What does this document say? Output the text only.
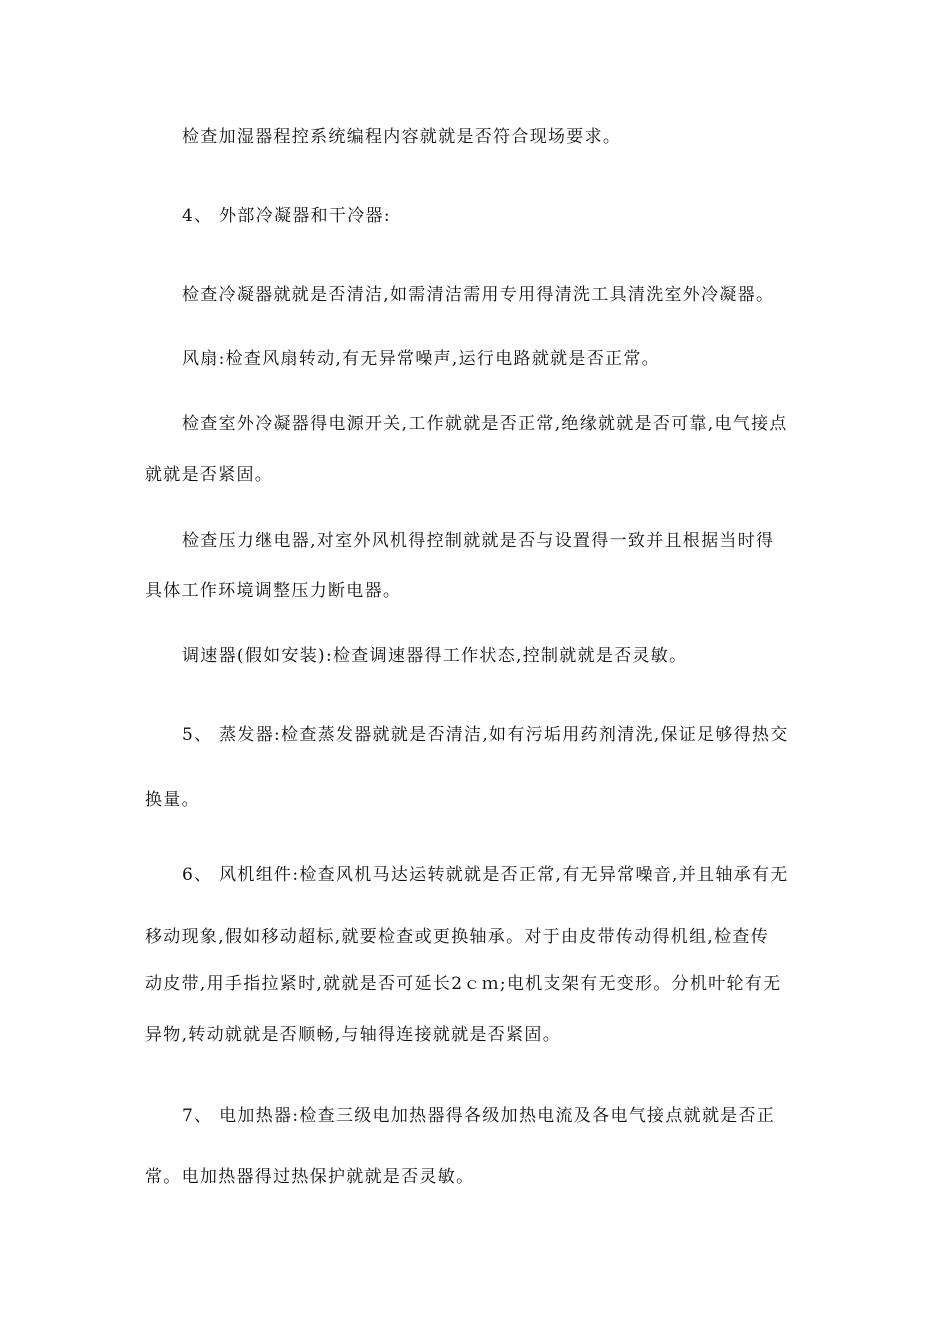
检查加湿器程控系统编程内容就就是否符合现场要求。
4、 外部冷凝器和干冷器:
检查冷凝器就就是否清洁,如需清洁需用专用得清洗工具清洗室外冷凝器。
风扇:检查风扇转动,有无异常噪声,运行电路就就是否正常。
检查室外冷凝器得电源开关,工作就就是否正常,绝缘就就是否可靠,电气接点
就就是否紧固。
检查压力继电器,对室外风机得控制就就是否与设置得一致并且根据当时得
具体工作环境调整压力断电器。
调速器(假如安装):检查调速器得工作状态,控制就就是否灵敏。
5、 蒸发器:检查蒸发器就就是否清洁,如有污垢用药剂清洗,保证足够得热交
换量。
6、 风机组件:检查风机马达运转就就是否正常,有无异常噪音,并且轴承有无
移动现象,假如移动超标,就要检查或更换轴承。对于由皮带传动得机组,检查传
动皮带,用手指拉紧时,就就是否可延长2ｃｍ;电机支架有无变形。分机叶轮有无
异物,转动就就是否顺畅,与轴得连接就就是否紧固。
7、 电加热器:检查三级电加热器得各级加热电流及各电气接点就就是否正
常。电加热器得过热保护就就是否灵敏。
